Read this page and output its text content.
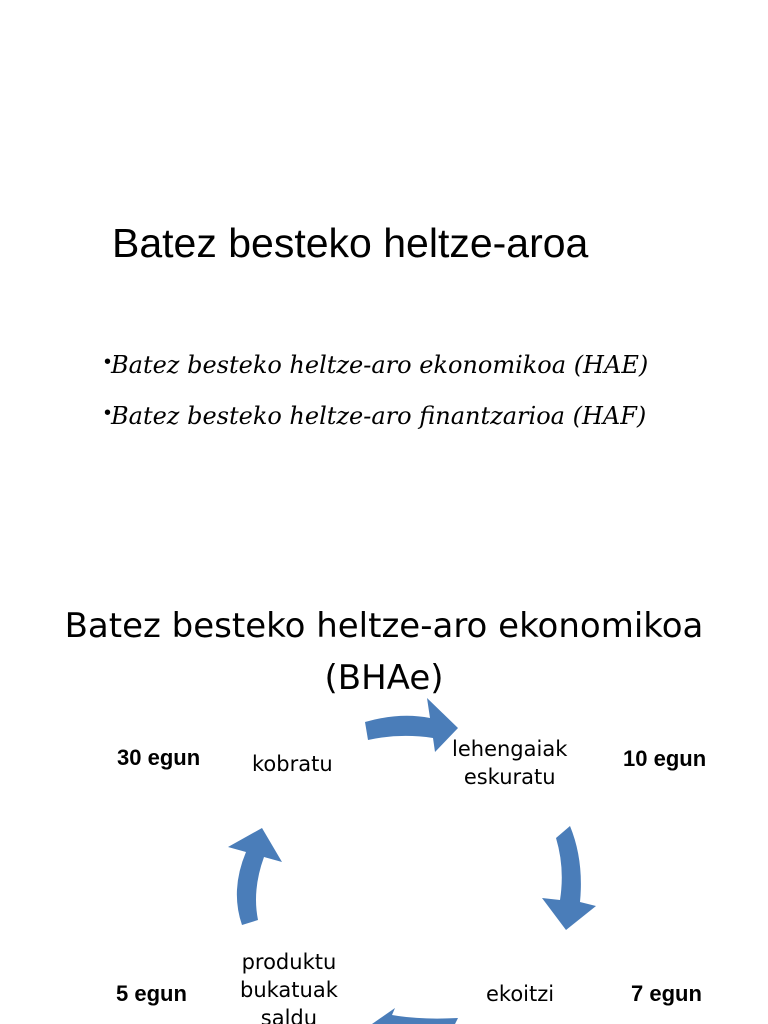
Batez besteko heltze-aroa
•Batez besteko heltze-aro ekonomikoa (HAE)
•Batez besteko heltze-aro finantzarioa (HAF)
Batez besteko heltze-aro ekonomikoa
(BHAe)
lehengaiak
eskuratu
10 egun
ekoitzi	7 egun
produktu
bukatuak
saldu
5 egun
kobratu
30 egun
